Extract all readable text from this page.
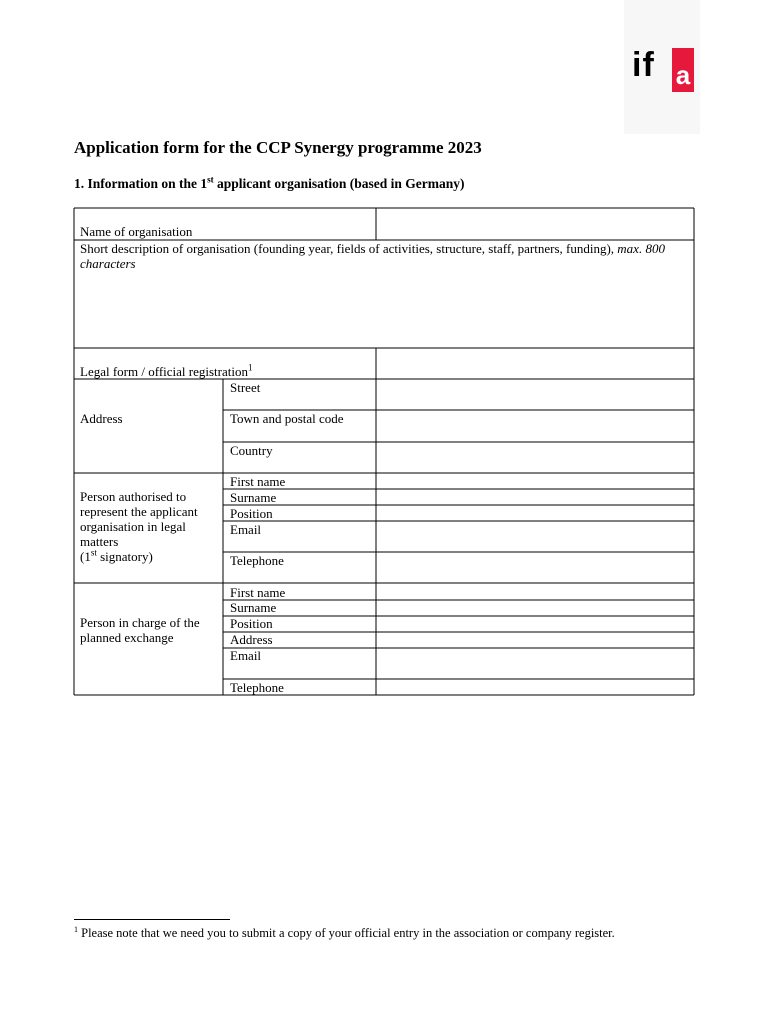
if a
Application form for the CCP Synergy programme 2023
1. Information on the 1st applicant organisation (based in Germany)
Name of organisation
Short description of organisation (founding year, fields of activities, structure, staff, partners, funding), max. 800 characters
Legal form / official registration$^1$
Address
Street
Town and postal code
Country
Person authorised to
represent the applicant
organisation in legal
matters
(1st signatory)
First name
Surname
Position
Email
Telephone
Person in charge of the
planned exchange
First name
Surname
Position
Address
Email
Telephone
$^1$ Please note that we need you to submit a copy of your official entry in the association or company register.
